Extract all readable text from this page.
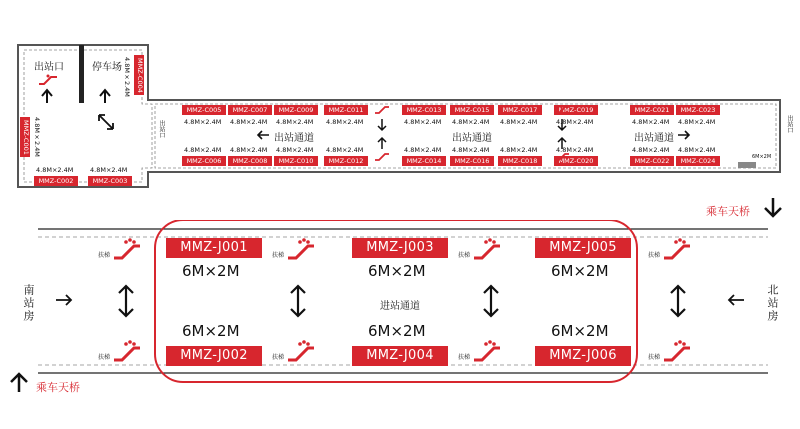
出站口	停车场
MMZ-C001 4.8M×2.4M
MMZ-C004
4.8M×2.4M
4.8M×2.4M
MMZ-C002
4.8M×2.4M
MMZ-C003
出站口	出站口
MMZ-C005
4.8M×2.4M
MMZ-C007
4.8M×2.4M
MMZ-C009
4.8M×2.4M
MMZ-C011
4.8M×2.4M
MMZ-C013
4.8M×2.4M
MMZ-C015
4.8M×2.4M
MMZ-C017
4.8M×2.4M
MMZ-C019
4.8M×2.4M
MMZ-C021
4.8M×2.4M
MMZ-C023
4.8M×2.4M
4.8M×2.4M
MMZ-C006
4.8M×2.4M
MMZ-C008
4.8M×2.4M
MMZ-C010
4.8M×2.4M
MMZ-C012
4.8M×2.4M
MMZ-C014
4.8M×2.4M
MMZ-C016
4.8M×2.4M
MMZ-C018
4.8M×2.4M
MMZ-C020
4.8M×2.4M
MMZ-C022
4.8M×2.4M
MMZ-C024
出站通道	出站通道	出站通道
6M×2M
乘车天桥
乘车天桥
南站房	北站房
扶梯	扶梯	扶梯	扶梯
扶梯	扶梯	扶梯	扶梯
MMZ-J001
6M×2M
MMZ-J003
6M×2M
MMZ-J005
6M×2M
6M×2M
MMZ-J002
6M×2M
MMZ-J004
6M×2M
MMZ-J006
进站通道
